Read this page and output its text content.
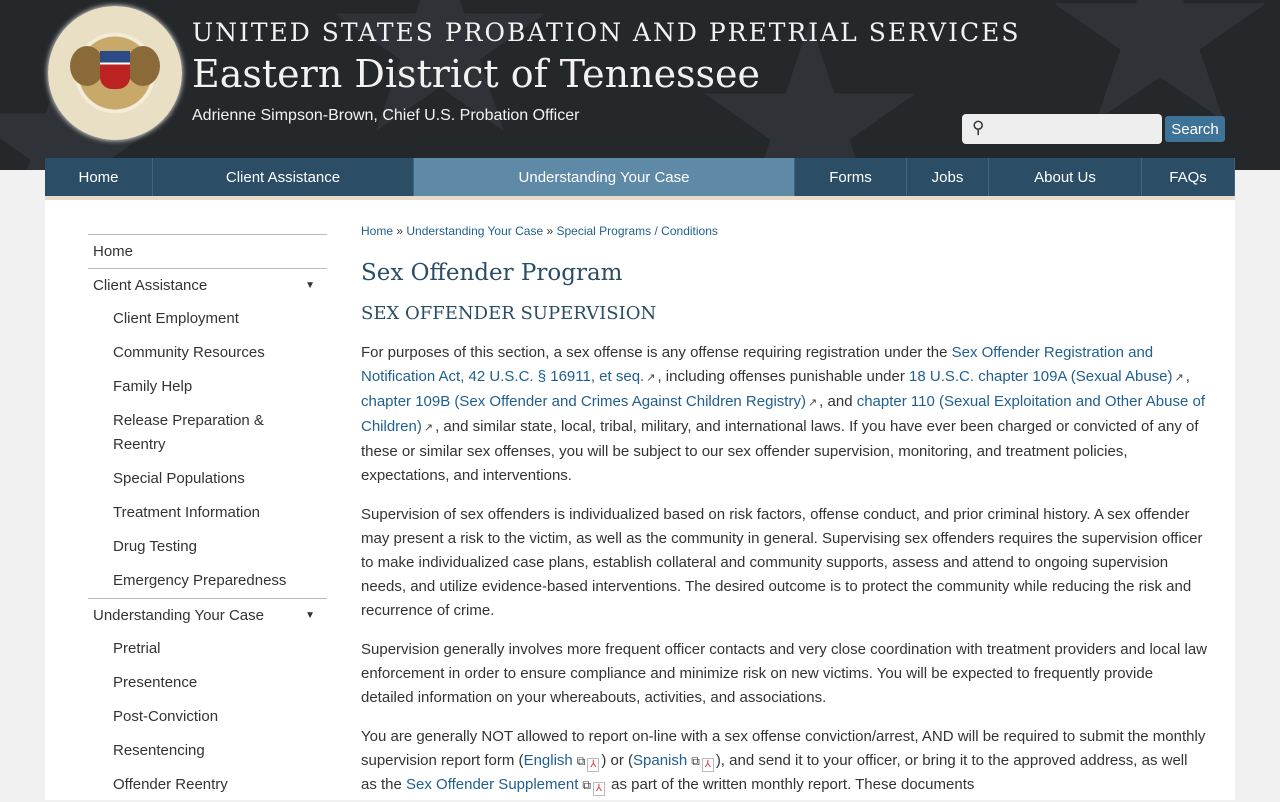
UNITED STATES PROBATION AND PRETRIAL SERVICES
Eastern District of Tennessee
Adrienne Simpson-Brown, Chief U.S. Probation Officer
⚲	Search
Home	Client Assistance	Understanding Your Case	Forms	Jobs	About Us	FAQs
Home
Client Assistance	▼
Client Employment
Community Resources
Family Help
Release Preparation & Reentry
Special Populations
Treatment Information
Drug Testing
Emergency Preparedness
Understanding Your Case	▼
Pretrial
Presentence
Post-Conviction
Resentencing
Offender Reentry
Home » Understanding Your Case » Special Programs / Conditions
Sex Offender Program
SEX OFFENDER SUPERVISION

For purposes of this section, a sex offense is any offense requiring registration under the Sex Offender Registration and Notification Act, 42 U.S.C. § 16911, et seq. ↗ , including offenses punishable under 18 U.S.C. chapter 109A (Sexual Abuse) ↗ , chapter 109B (Sex Offender and Crimes Against Children Registry) ↗ , and chapter 110 (Sexual Exploitation and Other Abuse of Children) ↗ , and similar state, local, tribal, military, and international laws. If you have ever been charged or convicted of any of these or similar sex offenses, you will be subject to our sex offender supervision, monitoring, and treatment policies, expectations, and interventions.

Supervision of sex offenders is individualized based on risk factors, offense conduct, and prior criminal history. A sex offender may present a risk to the victim, as well as the community in general. Supervising sex offenders requires the supervision officer to make individualized case plans, establish collateral and community supports, assess and attend to ongoing supervision needs, and utilize evidence-based interventions. The desired outcome is to protect the community while reducing the risk and recurrence of crime.

Supervision generally involves more frequent officer contacts and very close coordination with treatment providers and local law enforcement in order to ensure compliance and minimize risk on new victims. You will be expected to frequently provide detailed information on your whereabouts, activities, and associations.

You are generally NOT allowed to report on-line with a sex offense conviction/arrest, AND will be required to submit the monthly supervision report form (English ⧉ ⅄ ) or (Spanish ⧉ ⅄ ), and send it to your officer, or bring it to the approved address, as well as the Sex Offender Supplement ⧉ ⅄ as part of the written monthly report. These documents
